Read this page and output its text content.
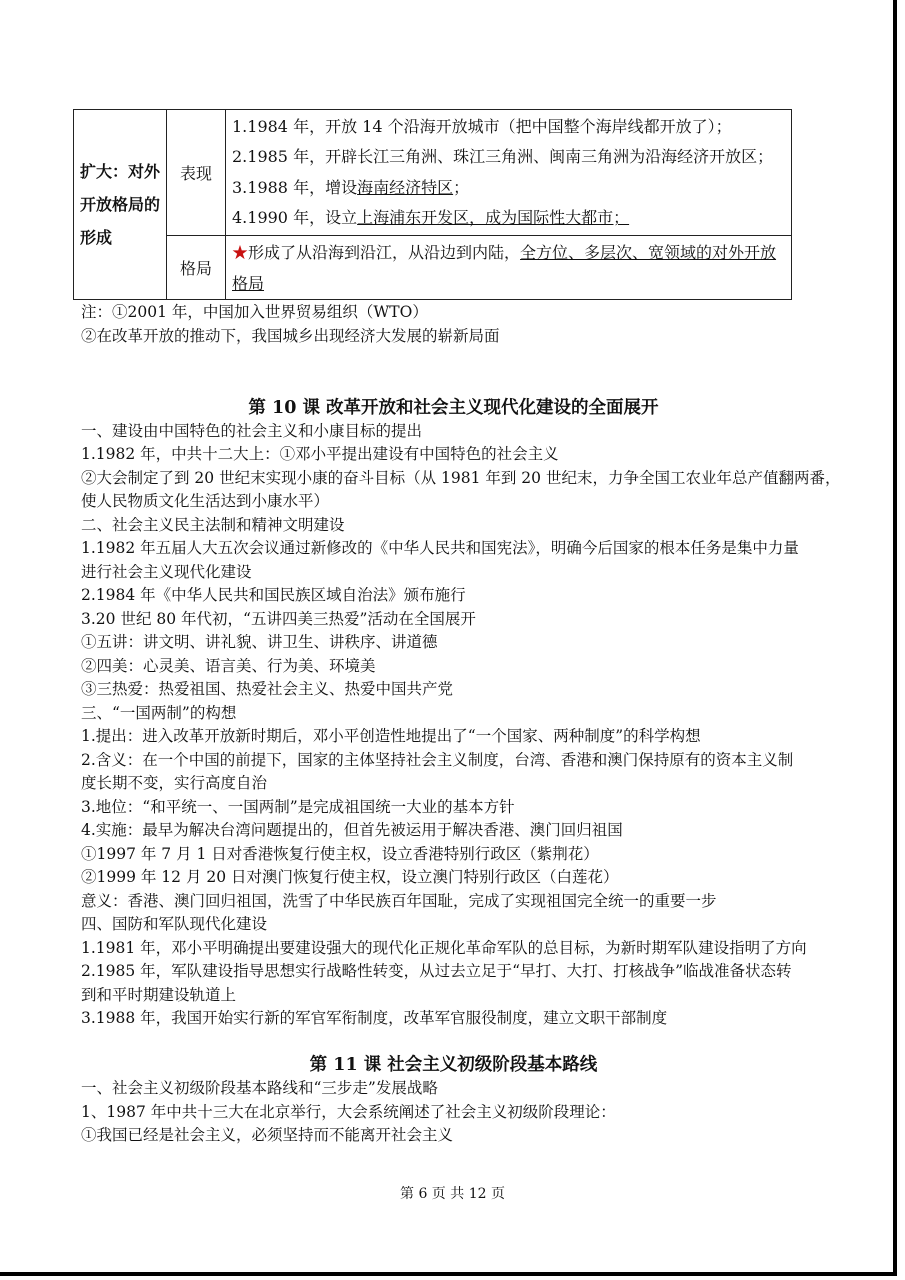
扩大：对外开放格局的形成	表现	1.1984 年，开放 14 个沿海开放城市（把中国整个海岸线都开放了）；
2.1985 年，开辟长江三角洲、珠江三角洲、闽南三角洲为沿海经济开放区；
3.1988 年，增设海南经济特区；
4.1990 年，设立上海浦东开发区，成为国际性大都市；

	格局	★形成了从沿海到沿江，从沿边到内陆，全方位、多层次、宽领域的对外开放格局
注：①2001 年，中国加入世界贸易组织（WTO）
②在改革开放的推动下，我国城乡出现经济大发展的崭新局面
第 10 课 改革开放和社会主义现代化建设的全面展开
一、建设由中国特色的社会主义和小康目标的提出
1.1982 年，中共十二大上：①邓小平提出建设有中国特色的社会主义
②大会制定了到 20 世纪末实现小康的奋斗目标（从 1981 年到 20 世纪末，力争全国工农业年总产值翻两番，
使人民物质文化生活达到小康水平）
二、社会主义民主法制和精神文明建设
1.1982 年五届人大五次会议通过新修改的《中华人民共和国宪法》，明确今后国家的根本任务是集中力量
进行社会主义现代化建设
2.1984 年《中华人民共和国民族区域自治法》颁布施行
3.20 世纪 80 年代初，“五讲四美三热爱”活动在全国展开
①五讲：讲文明、讲礼貌、讲卫生、讲秩序、讲道德
②四美：心灵美、语言美、行为美、环境美
③三热爱：热爱祖国、热爱社会主义、热爱中国共产党
三、“一国两制”的构想
1.提出：进入改革开放新时期后，邓小平创造性地提出了“一个国家、两种制度”的科学构想
2.含义：在一个中国的前提下，国家的主体坚持社会主义制度，台湾、香港和澳门保持原有的资本主义制
度长期不变，实行高度自治
3.地位：“和平统一、一国两制”是完成祖国统一大业的基本方针
4.实施：最早为解决台湾问题提出的，但首先被运用于解决香港、澳门回归祖国
①1997 年 7 月 1 日对香港恢复行使主权，设立香港特别行政区（紫荆花）
②1999 年 12 月 20 日对澳门恢复行使主权，设立澳门特别行政区（白莲花）
意义：香港、澳门回归祖国，洗雪了中华民族百年国耻，完成了实现祖国完全统一的重要一步
四、国防和军队现代化建设
1.1981 年，邓小平明确提出要建设强大的现代化正规化革命军队的总目标，为新时期军队建设指明了方向
2.1985 年，军队建设指导思想实行战略性转变，从过去立足于“早打、大打、打核战争”临战准备状态转
到和平时期建设轨道上
3.1988 年，我国开始实行新的军官军衔制度，改革军官服役制度，建立文职干部制度
第 11 课 社会主义初级阶段基本路线
一、社会主义初级阶段基本路线和“三步走”发展战略
1、1987 年中共十三大在北京举行，大会系统阐述了社会主义初级阶段理论：
①我国已经是社会主义，必须坚持而不能离开社会主义
第 6 页 共 12 页
